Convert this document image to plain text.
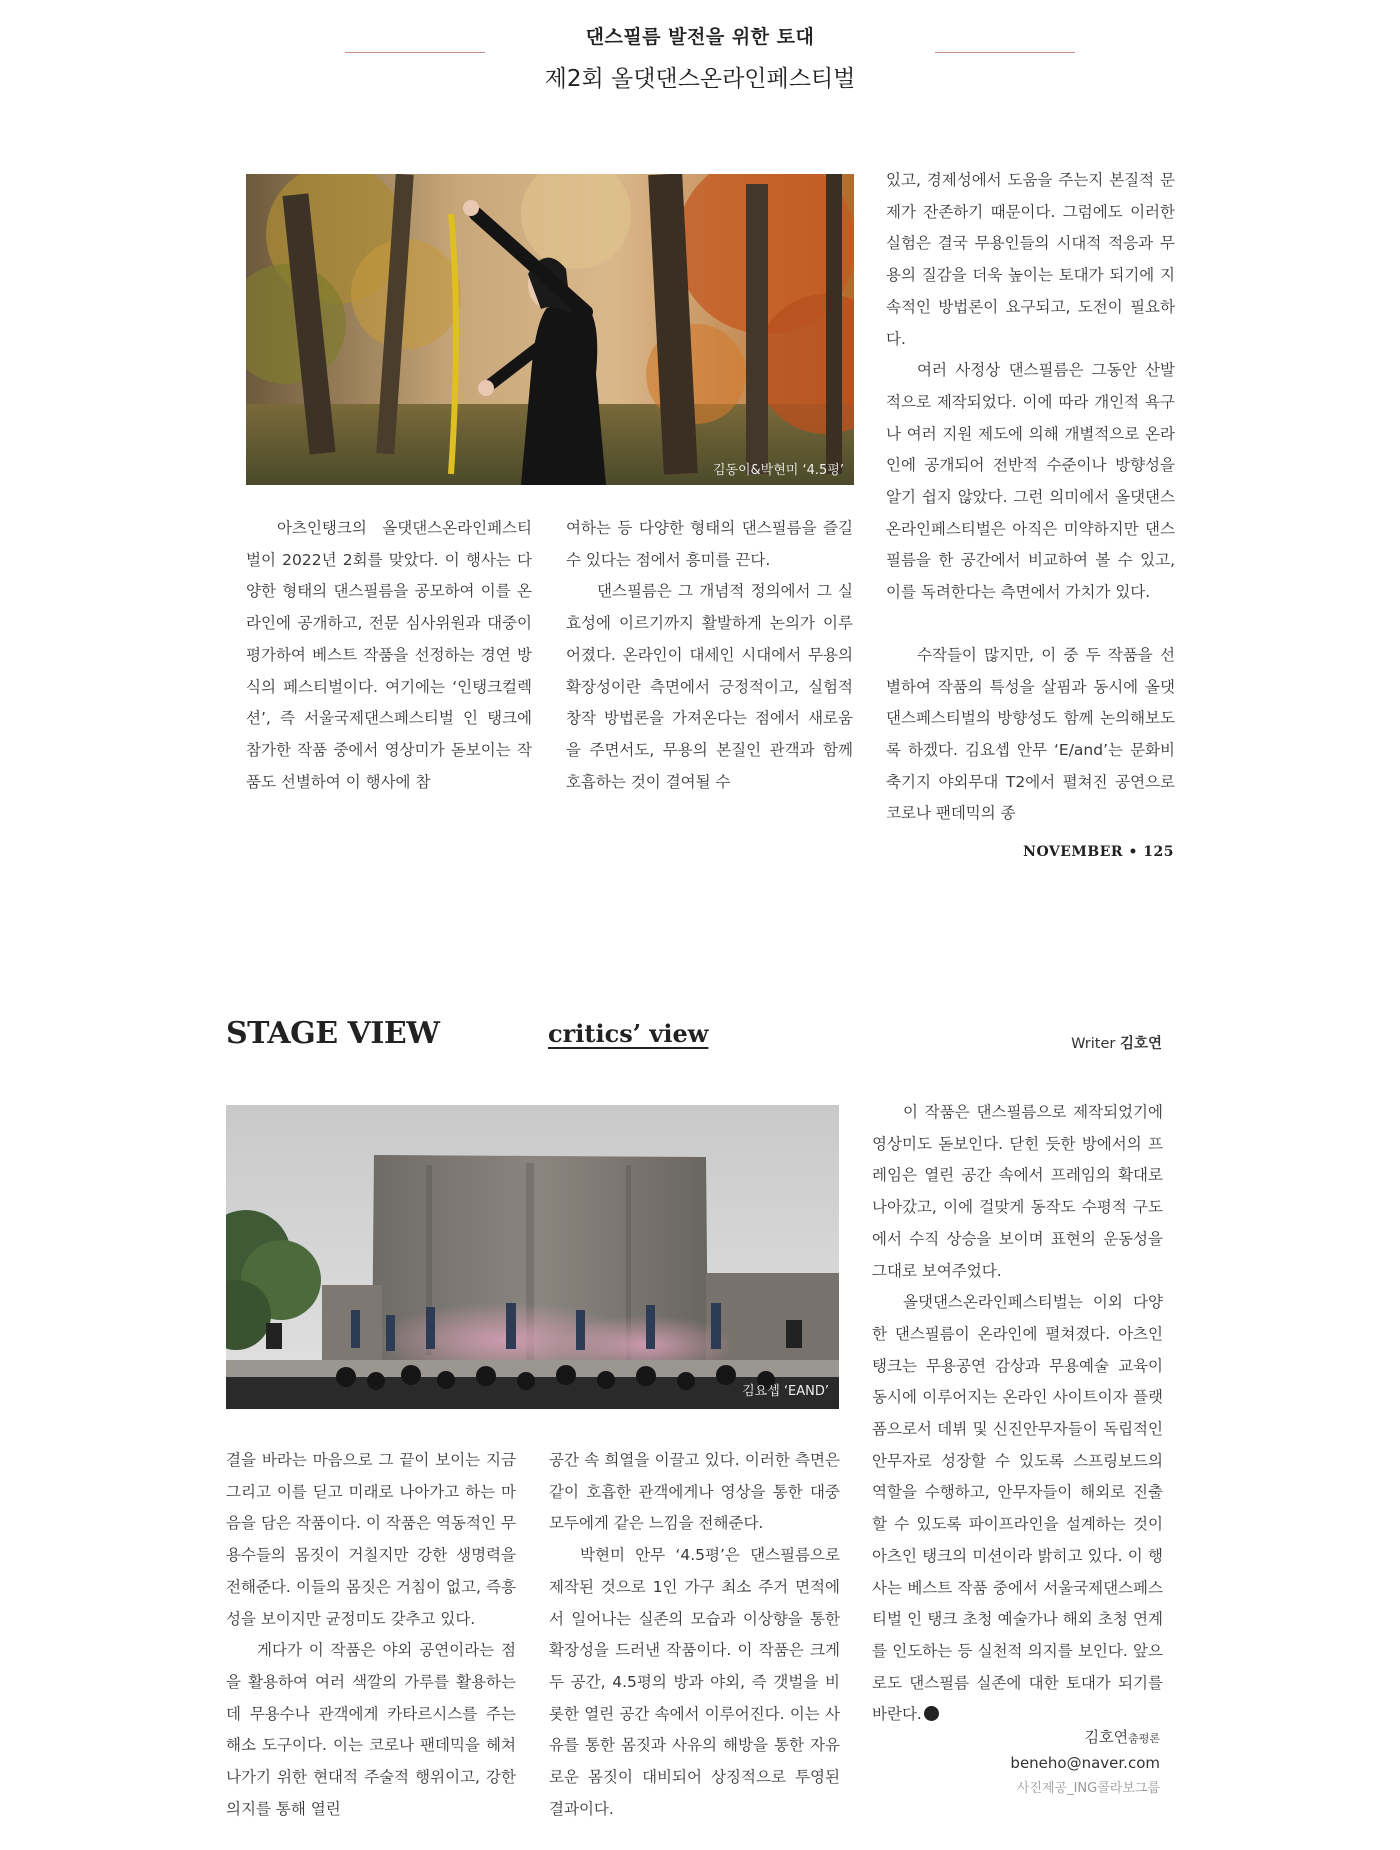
댄스필름 발전을 위한 토대
제2회 올댓댄스온라인페스티벌
김동이&박현미 ‘4.5평’

아츠인탱크의 올댓댄스온라인페스티벌이 2022년 2회를 맞았다. 이 행사는 다양한 형태의 댄스필름을 공모하여 이를 온라인에 공개하고, 전문 심사위원과 대중이 평가하여 베스트 작품을 선정하는 경연 방식의 페스티벌이다. 여기에는 ‘인탱크컬렉션’, 즉 서울국제댄스페스티벌 인 탱크에 참가한 작품 중에서 영상미가 돋보이는 작품도 선별하여 이 행사에 참

여하는 등 다양한 형태의 댄스필름을 즐길 수 있다는 점에서 흥미를 끈다.

댄스필름은 그 개념적 정의에서 그 실효성에 이르기까지 활발하게 논의가 이루어졌다. 온라인이 대세인 시대에서 무용의 확장성이란 측면에서 긍정적이고, 실험적 창작 방법론을 가져온다는 점에서 새로움을 주면서도, 무용의 본질인 관객과 함께 호흡하는 것이 결여될 수

있고, 경제성에서 도움을 주는지 본질적 문제가 잔존하기 때문이다. 그럼에도 이러한 실험은 결국 무용인들의 시대적 적응과 무용의 질감을 더욱 높이는 토대가 되기에 지속적인 방법론이 요구되고, 도전이 필요하다.

여러 사정상 댄스필름은 그동안 산발적으로 제작되었다. 이에 따라 개인적 욕구나 여러 지원 제도에 의해 개별적으로 온라인에 공개되어 전반적 수준이나 방향성을 알기 쉽지 않았다. 그런 의미에서 올댓댄스온라인페스티벌은 아직은 미약하지만 댄스필름을 한 공간에서 비교하여 볼 수 있고, 이를 독려한다는 측면에서 가치가 있다.

수작들이 많지만, 이 중 두 작품을 선별하여 작품의 특성을 살핌과 동시에 올댓댄스페스티벌의 방향성도 함께 논의해보도록 하겠다. 김요셉 안무 ‘E/and’는 문화비축기지 야외무대 T2에서 펼쳐진 공연으로 코로나 팬데믹의 종

NOVEMBER • 125
STAGE VIEW	critics’ view	Writer 김호연
김요셉 ‘EAND’

결을 바라는 마음으로 그 끝이 보이는 지금 그리고 이를 딛고 미래로 나아가고 하는 마음을 담은 작품이다. 이 작품은 역동적인 무용수들의 몸짓이 거칠지만 강한 생명력을 전해준다. 이들의 몸짓은 거침이 없고, 즉흥성을 보이지만 균정미도 갖추고 있다.

게다가 이 작품은 야외 공연이라는 점을 활용하여 여러 색깔의 가루를 활용하는데 무용수나 관객에게 카타르시스를 주는 해소 도구이다. 이는 코로나 팬데믹을 헤쳐나가기 위한 현대적 주술적 행위이고, 강한 의지를 통해 열린

공간 속 희열을 이끌고 있다. 이러한 측면은 같이 호흡한 관객에게나 영상을 통한 대중 모두에게 같은 느낌을 전해준다.

박현미 안무 ‘4.5평’은 댄스필름으로 제작된 것으로 1인 가구 최소 주거 면적에서 일어나는 실존의 모습과 이상향을 통한 확장성을 드러낸 작품이다. 이 작품은 크게 두 공간, 4.5평의 방과 야외, 즉 갯벌을 비롯한 열린 공간 속에서 이루어진다. 이는 사유를 통한 몸짓과 사유의 해방을 통한 자유로운 몸짓이 대비되어 상징적으로 투영된 결과이다.

이 작품은 댄스필름으로 제작되었기에 영상미도 돋보인다. 닫힌 듯한 방에서의 프레임은 열린 공간 속에서 프레임의 확대로 나아갔고, 이에 걸맞게 동작도 수평적 구도에서 수직 상승을 보이며 표현의 운동성을 그대로 보여주었다.

올댓댄스온라인페스티벌는 이외 다양한 댄스필름이 온라인에 펼쳐졌다. 아츠인탱크는 무용공연 감상과 무용예술 교육이 동시에 이루어지는 온라인 사이트이자 플랫폼으로서 데뷔 및 신진안무자들이 독립적인 안무자로 성장할 수 있도록 스프링보드의 역할을 수행하고, 안무자들이 해외로 진출할 수 있도록 파이프라인을 설계하는 것이 아츠인 탱크의 미션이라 밝히고 있다. 이 행사는 베스트 작품 중에서 서울국제댄스페스티벌 인 탱크 초청 예술가나 해외 초청 연계를 인도하는 등 실천적 의지를 보인다. 앞으로도 댄스필름 실존에 대한 토대가 되기를 바란다.

김호연춤평론
beneho@naver.com
사진제공_ING콜라보그룹
